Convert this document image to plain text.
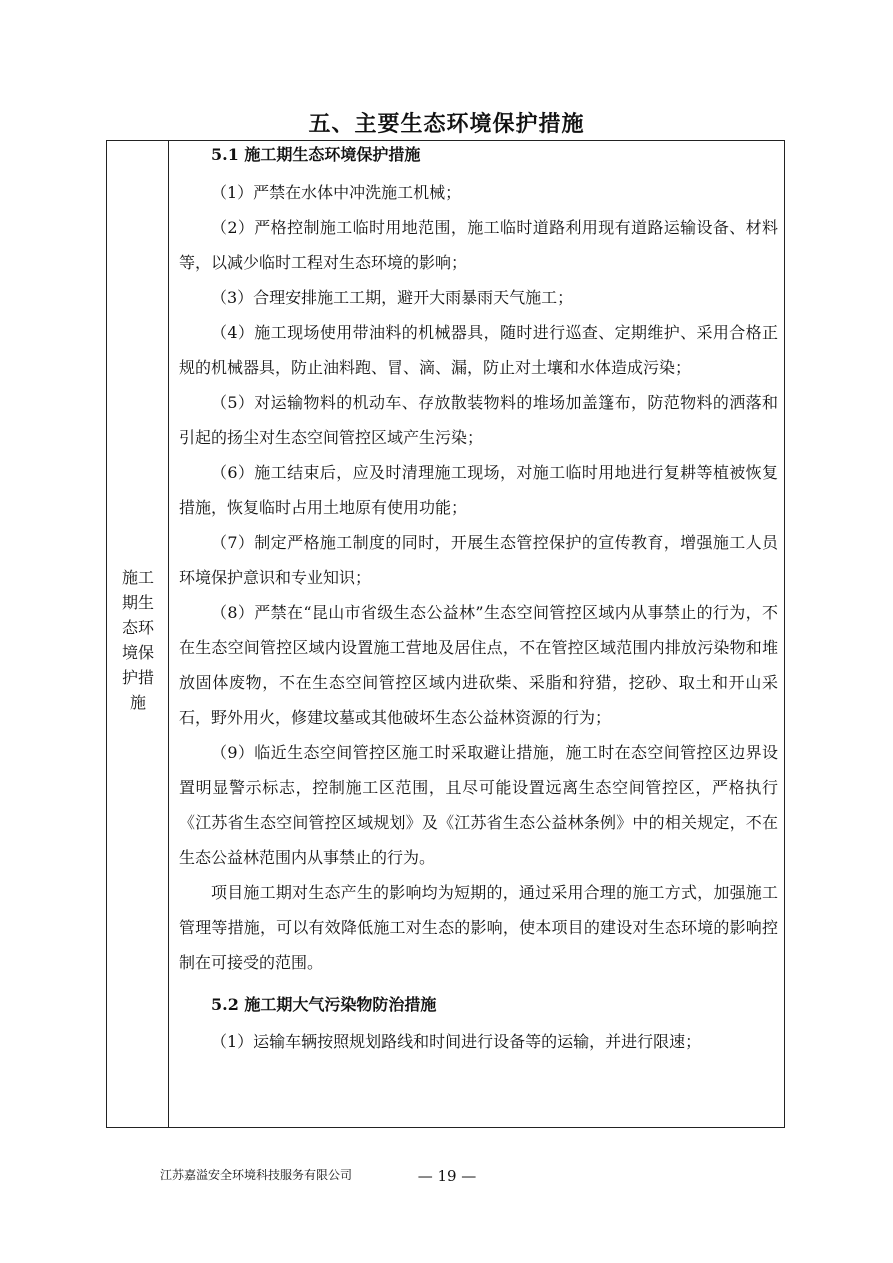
五、主要生态环境保护措施
施工期生态环境保护措施
5.1 施工期生态环境保护措施

（1）严禁在水体中冲洗施工机械；

（2）严格控制施工临时用地范围，施工临时道路利用现有道路运输设备、材料等，以减少临时工程对生态环境的影响；

（3）合理安排施工工期，避开大雨暴雨天气施工；

（4）施工现场使用带油料的机械器具，随时进行巡查、定期维护、采用合格正规的机械器具，防止油料跑、冒、滴、漏，防止对土壤和水体造成污染；

（5）对运输物料的机动车、存放散装物料的堆场加盖篷布，防范物料的洒落和引起的扬尘对生态空间管控区域产生污染；

（6）施工结束后，应及时清理施工现场，对施工临时用地进行复耕等植被恢复措施，恢复临时占用土地原有使用功能；

（7）制定严格施工制度的同时，开展生态管控保护的宣传教育，增强施工人员环境保护意识和专业知识；

（8）严禁在“昆山市省级生态公益林”生态空间管控区域内从事禁止的行为，不在生态空间管控区域内设置施工营地及居住点，不在管控区域范围内排放污染物和堆放固体废物，不在生态空间管控区域内进砍柴、采脂和狩猎，挖砂、取土和开山采石，野外用火，修建坟墓或其他破坏生态公益林资源的行为；

（9）临近生态空间管控区施工时采取避让措施，施工时在态空间管控区边界设置明显警示标志，控制施工区范围，且尽可能设置远离生态空间管控区，严格执行《江苏省生态空间管控区域规划》及《江苏省生态公益林条例》中的相关规定，不在生态公益林范围内从事禁止的行为。

项目施工期对生态产生的影响均为短期的，通过采用合理的施工方式，加强施工管理等措施，可以有效降低施工对生态的影响，使本项目的建设对生态环境的影响控制在可接受的范围。

5.2 施工期大气污染物防治措施

（1）运输车辆按照规划路线和时间进行设备等的运输，并进行限速；

江苏嘉溢安全环境科技服务有限公司	— 19 —
